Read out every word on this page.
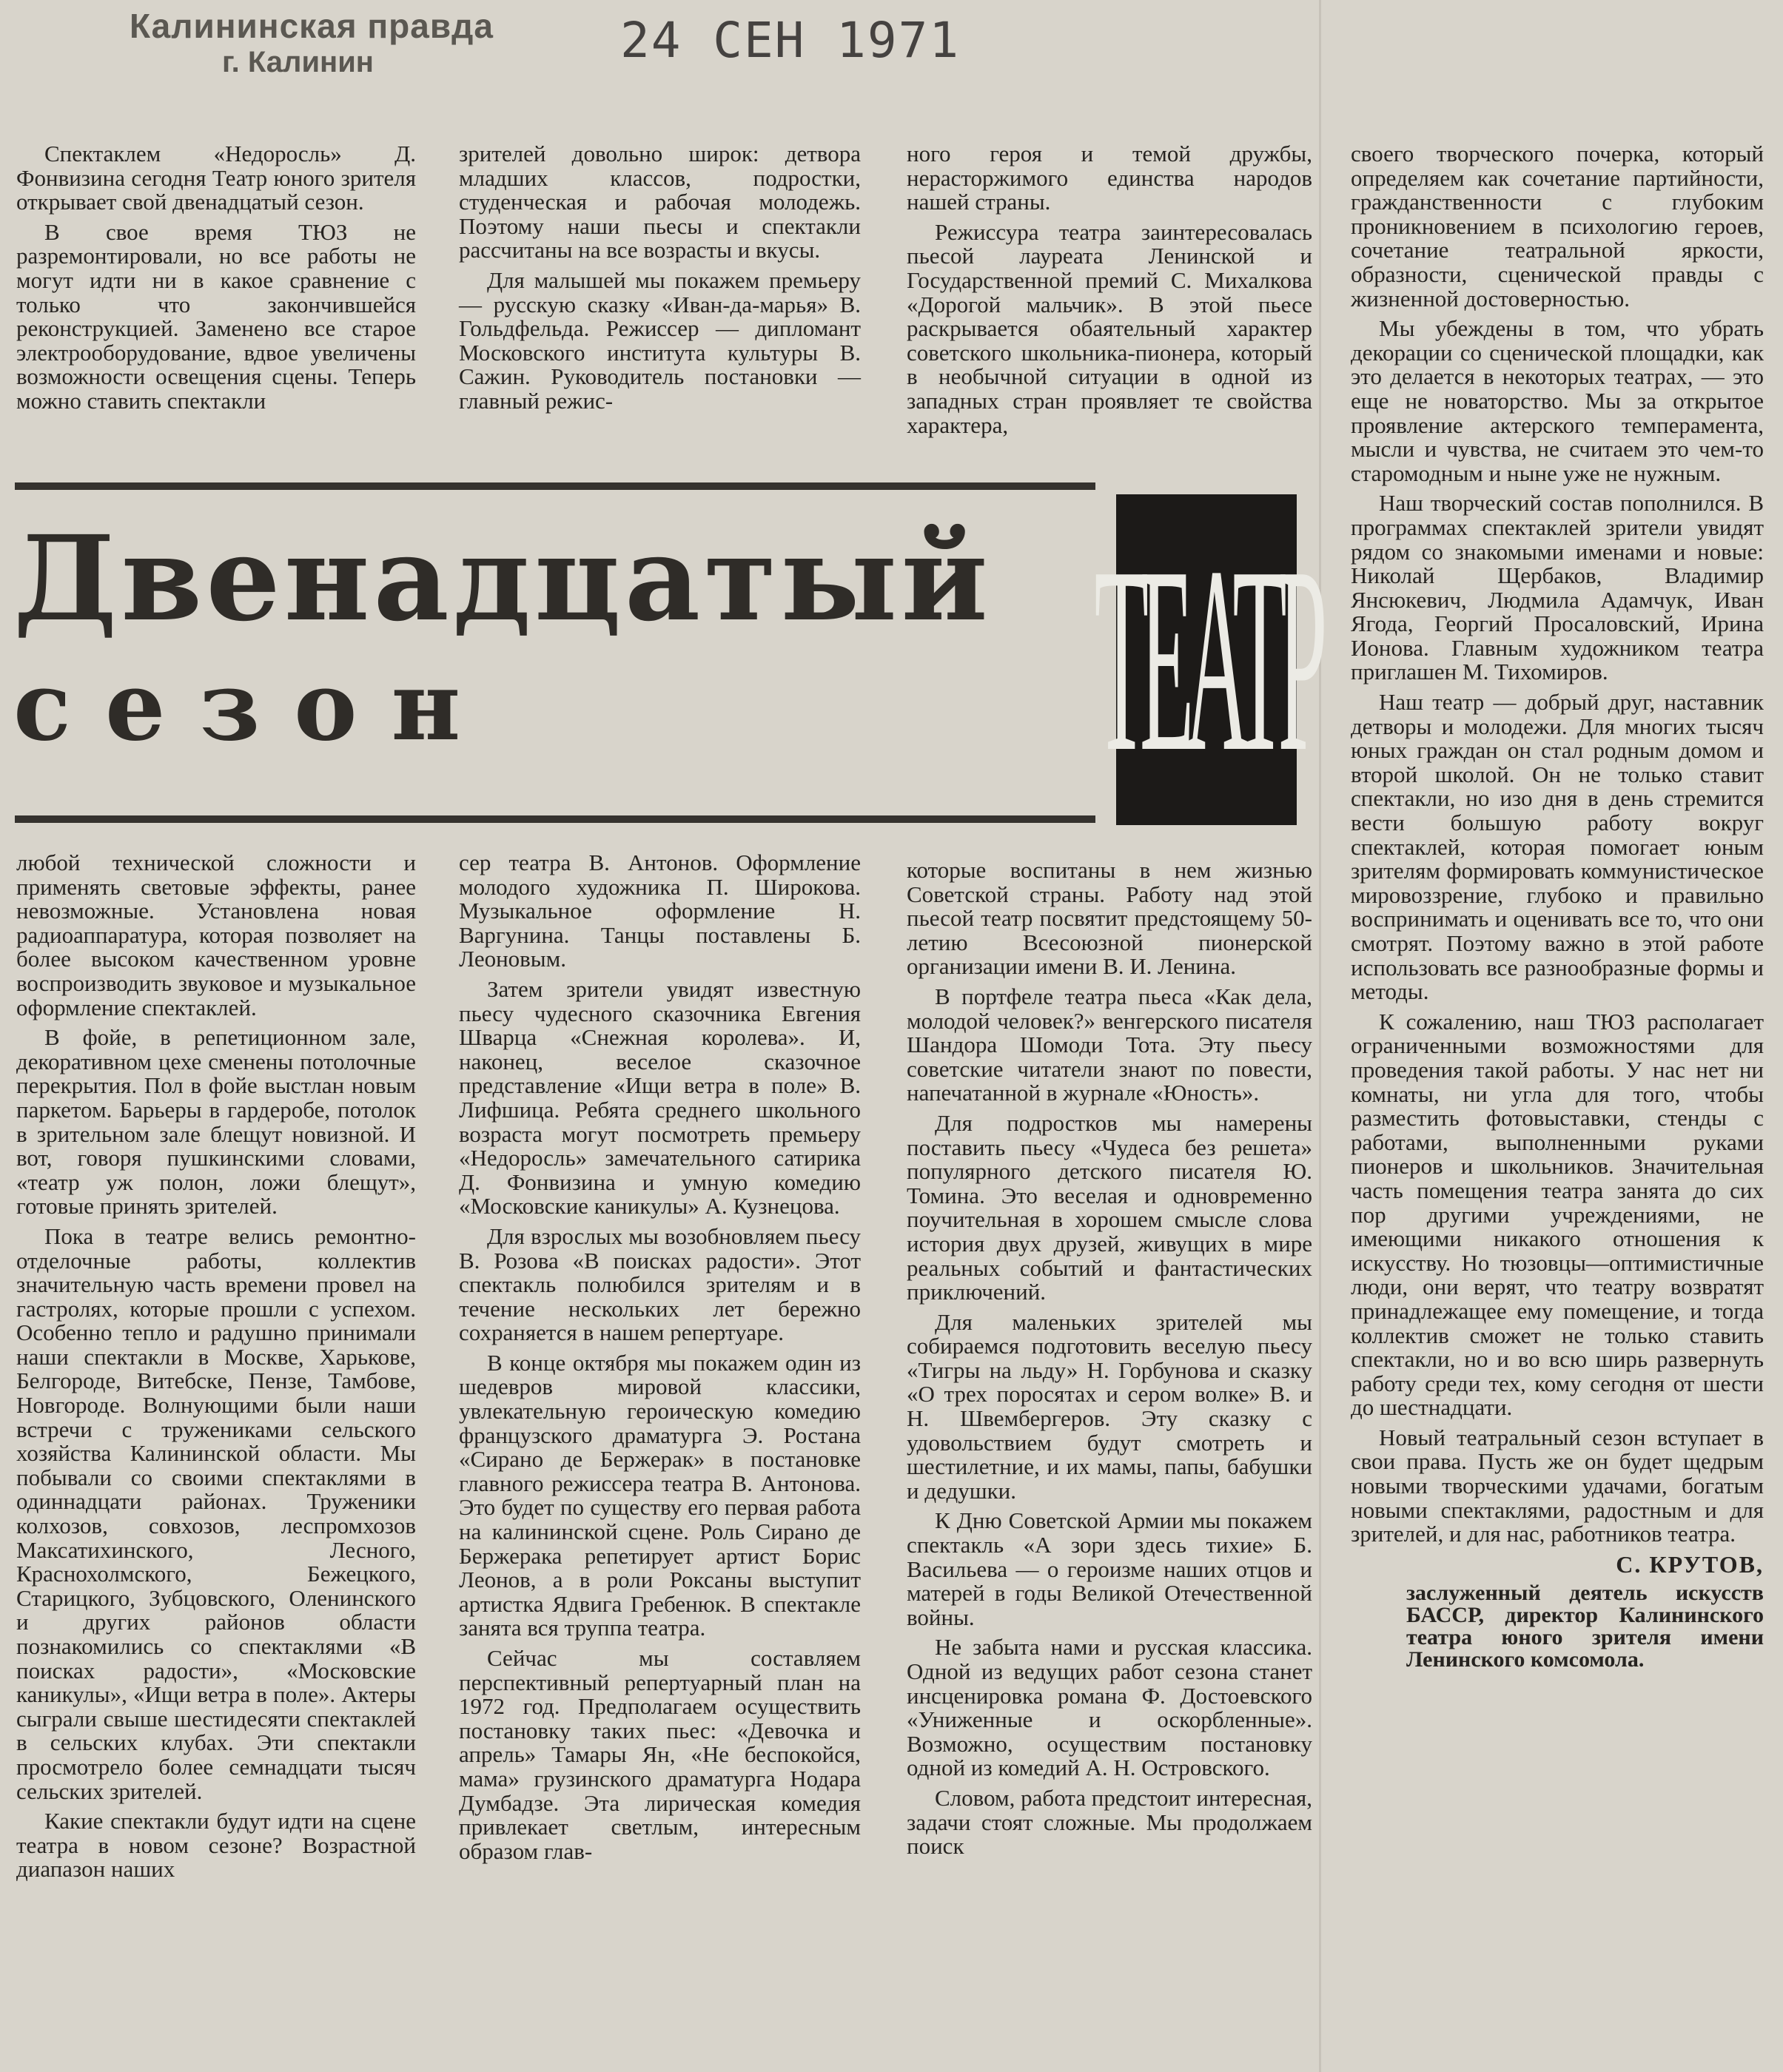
Калининская правда
г. Калинин	24 СЕН 1971

Спектаклем «Недоросль» Д. Фонвизина сегодня Театр юного зрителя открывает свой двенадцатый сезон.

В свое время ТЮЗ не разремонтировали, но все работы не могут идти ни в какое сравнение с только что закончившейся реконструкцией. Заменено все старое электрооборудование, вдвое увеличены возможности освещения сцены. Теперь можно ставить спектакли

зрителей довольно широк: детвора младших классов, подростки, студенческая и рабочая молодежь. Поэтому наши пьесы и спектакли рассчитаны на все возрасты и вкусы.

Для малышей мы покажем премьеру — русскую сказку «Иван-да-марья» В. Гольдфельда. Режиссер — дипломант Московского института культуры В. Сажин. Руководитель постановки — главный режис-

ного героя и темой дружбы, нерасторжимого единства народов нашей страны.

Режиссура театра заинтересовалась пьесой лауреата Ленинской и Государственной премий С. Михалкова «Дорогой мальчик». В этой пьесе раскрывается обаятельный характер советского школьника-пионера, который в необычной ситуации в одной из западных стран проявляет те свойства характера,

Двенадцатый
сезон	ТЕАТР

своего творческого почерка, который определяем как сочетание партийности, гражданственности с глубоким проникновением в психологию героев, сочетание театральной яркости, образности, сценической правды с жизненной достоверностью.

Мы убеждены в том, что убрать декорации со сценической площадки, как это делается в некоторых театрах, — это еще не новаторство. Мы за открытое проявление актерского темперамента, мысли и чувства, не считаем это чем-то старомодным и ныне уже не нужным.

Наш творческий состав пополнился. В программах спектаклей зрители увидят рядом со знакомыми именами и новые: Николай Щербаков, Владимир Янсюкевич, Людмила Адамчук, Иван Ягода, Георгий Просаловский, Ирина Ионова. Главным художником театра приглашен М. Тихомиров.

Наш театр — добрый друг, наставник детворы и молодежи. Для многих тысяч юных граждан он стал родным домом и второй школой. Он не только ставит спектакли, но изо дня в день стремится вести большую работу вокруг спектаклей, которая помогает юным зрителям формировать коммунистическое мировоззрение, глубоко и правильно воспринимать и оценивать все то, что они смотрят. Поэтому важно в этой работе использовать все разнообразные формы и методы.

К сожалению, наш ТЮЗ располагает ограниченными возможностями для проведения такой работы. У нас нет ни комнаты, ни угла для того, чтобы разместить фотовыставки, стенды с работами, выполненными руками пионеров и школьников. Значительная часть помещения театра занята до сих пор другими учреждениями, не имеющими никакого отношения к искусству. Но тюзовцы—оптимистичные люди, они верят, что театру возвратят принадлежащее ему помещение, и тогда коллектив сможет не только ставить спектакли, но и во всю ширь развернуть работу среди тех, кому сегодня от шести до шестнадцати.

Новый театральный сезон вступает в свои права. Пусть же он будет щедрым новыми творческими удачами, богатым новыми спектаклями, радостным и для зрителей, и для нас, работников театра.

С. КРУТОВ,

заслуженный деятель искусств БАССР, директор Калининского театра юного зрителя имени Ленинского комсомола.

любой технической сложности и применять световые эффекты, ранее невозможные. Установлена новая радиоаппаратура, которая позволяет на более высоком качественном уровне воспроизводить звуковое и музыкальное оформление спектаклей.

В фойе, в репетиционном зале, декоративном цехе сменены потолочные перекрытия. Пол в фойе выстлан новым паркетом. Барьеры в гардеробе, потолок в зрительном зале блещут новизной. И вот, говоря пушкинскими словами, «театр уж полон, ложи блещут», готовые принять зрителей.

Пока в театре велись ремонтно-отделочные работы, коллектив значительную часть времени провел на гастролях, которые прошли с успехом. Особенно тепло и радушно принимали наши спектакли в Москве, Харькове, Белгороде, Витебске, Пензе, Тамбове, Новгороде. Волнующими были наши встречи с тружениками сельского хозяйства Калининской области. Мы побывали со своими спектаклями в одиннадцати районах. Труженики колхозов, совхозов, леспромхозов Максатихинского, Лесного, Краснохолмского, Бежецкого, Старицкого, Зубцовского, Оленинского и других районов области познакомились со спектаклями «В поисках радости», «Московские каникулы», «Ищи ветра в поле». Актеры сыграли свыше шестидесяти спектаклей в сельских клубах. Эти спектакли просмотрело более семнадцати тысяч сельских зрителей.

Какие спектакли будут идти на сцене театра в новом сезоне? Возрастной диапазон наших

сер театра В. Антонов. Оформление молодого художника П. Широкова. Музыкальное оформление Н. Варгунина. Танцы поставлены Б. Леоновым.

Затем зрители увидят известную пьесу чудесного сказочника Евгения Шварца «Снежная королева». И, наконец, веселое сказочное представление «Ищи ветра в поле» В. Лифшица. Ребята среднего школьного возраста могут посмотреть премьеру «Недоросль» замечательного сатирика Д. Фонвизина и умную комедию «Московские каникулы» А. Кузнецова.

Для взрослых мы возобновляем пьесу В. Розова «В поисках радости». Этот спектакль полюбился зрителям и в течение нескольких лет бережно сохраняется в нашем репертуаре.

В конце октября мы покажем один из шедевров мировой классики, увлекательную героическую комедию французского драматурга Э. Ростана «Сирано де Бержерак» в постановке главного режиссера театра В. Антонова. Это будет по существу его первая работа на калининской сцене. Роль Сирано де Бержерака репетирует артист Борис Леонов, а в роли Роксаны выступит артистка Ядвига Гребенюк. В спектакле занята вся труппа театра.

Сейчас мы составляем перспективный репертуарный план на 1972 год. Предполагаем осуществить постановку таких пьес: «Девочка и апрель» Тамары Ян, «Не беспокойся, мама» грузинского драматурга Нодара Думбадзе. Эта лирическая комедия привлекает светлым, интересным образом глав-

которые воспитаны в нем жизнью Советской страны. Работу над этой пьесой театр посвятит предстоящему 50-летию Всесоюзной пионерской организации имени В. И. Ленина.

В портфеле театра пьеса «Как дела, молодой человек?» венгерского писателя Шандора Шомоди Тота. Эту пьесу советские читатели знают по повести, напечатанной в журнале «Юность».

Для подростков мы намерены поставить пьесу «Чудеса без решета» популярного детского писателя Ю. Томина. Это веселая и одновременно поучительная в хорошем смысле слова история двух друзей, живущих в мире реальных событий и фантастических приключений.

Для маленьких зрителей мы собираемся подготовить веселую пьесу «Тигры на льду» Н. Горбунова и сказку «О трех поросятах и сером волке» В. и Н. Швембергеров. Эту сказку с удовольствием будут смотреть и шестилетние, и их мамы, папы, бабушки и дедушки.

К Дню Советской Армии мы покажем спектакль «А зори здесь тихие» Б. Васильева — о героизме наших отцов и матерей в годы Великой Отечественной войны.

Не забыта нами и русская классика. Одной из ведущих работ сезона станет инсценировка романа Ф. Достоевского «Униженные и оскорбленные». Возможно, осуществим постановку одной из комедий А. Н. Островского.

Словом, работа предстоит интересная, задачи стоят сложные. Мы продолжаем поиск
